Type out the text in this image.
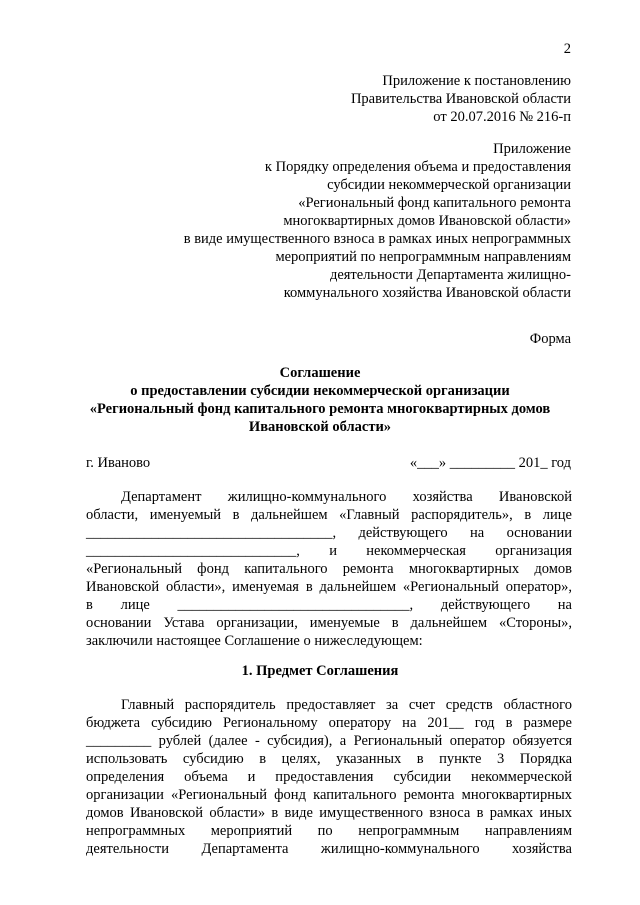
2
Приложение к постановлению
Правительства Ивановской области
от 20.07.2016 № 216-п
Приложение
к Порядку определения объема и предоставления
субсидии некоммерческой организации
«Региональный фонд капитального ремонта
многоквартирных домов Ивановской области»
в виде имущественного взноса в рамках иных непрограммных
мероприятий по непрограммным направлениям
деятельности Департамента жилищно-
коммунального хозяйства Ивановской области
Форма
Соглашение
о предоставлении субсидии некоммерческой организации
«Региональный фонд капитального ремонта многоквартирных домов
Ивановской области»
г. Иваново	«___» _________ 201_ год
Департамент жилищно-коммунального хозяйства Ивановской
области, именуемый в дальнейшем «Главный распорядитель», в лице
__________________________________, действующего на основании
_____________________________, и некоммерческая организация
«Региональный фонд капитального ремонта многоквартирных домов
Ивановской области», именуемая в дальнейшем «Региональный оператор»,
в лице ________________________________, действующего на
основании Устава организации, именуемые в дальнейшем «Стороны»,
заключили настоящее Соглашение о нижеследующем:
1. Предмет Соглашения
Главный распорядитель предоставляет за счет средств областного
бюджета субсидию Региональному оператору на 201__ год в размере
_________ рублей (далее - субсидия), а Региональный оператор обязуется
использовать субсидию в целях, указанных в пункте 3 Порядка
определения объема и предоставления субсидии некоммерческой
организации «Региональный фонд капитального ремонта многоквартирных
домов Ивановской области» в виде имущественного взноса в рамках иных
непрограммных мероприятий по непрограммным направлениям
деятельности Департамента жилищно-коммунального хозяйства
